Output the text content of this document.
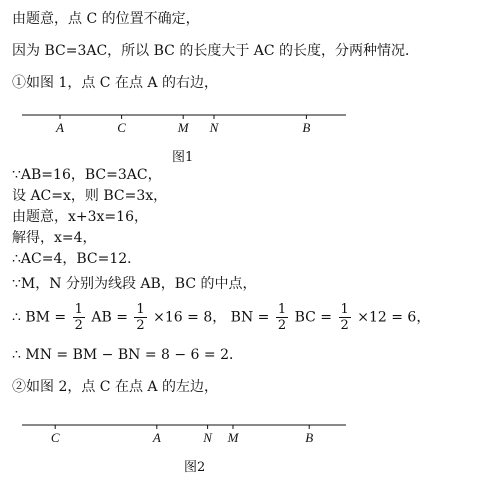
由题意，点 C 的位置不确定，
因为 BC=3AC，所以 BC 的长度大于 AC 的长度，分两种情况．
①如图 1，点 C 在点 A 的右边，
A	C	M N	B
图1
∵AB=16，BC=3AC，
设 AC=x，则 BC=3x，
由题意，x+3x=16，
解得，x=4，
∴AC=4，BC=12．
∵M，N 分别为线段 AB，BC 的中点，
∴ BM = $\frac{1}{2}$ AB = $\frac{1}{2} \times 16 = 8$， BN = $\frac{1}{2}$ BC = $\frac{1}{2} \times 12 = 6$，
∴ MN = BM − BN = 8 − 6 = 2．
②如图 2，点 C 在点 A 的左边，
C	A	N M	B
图2
